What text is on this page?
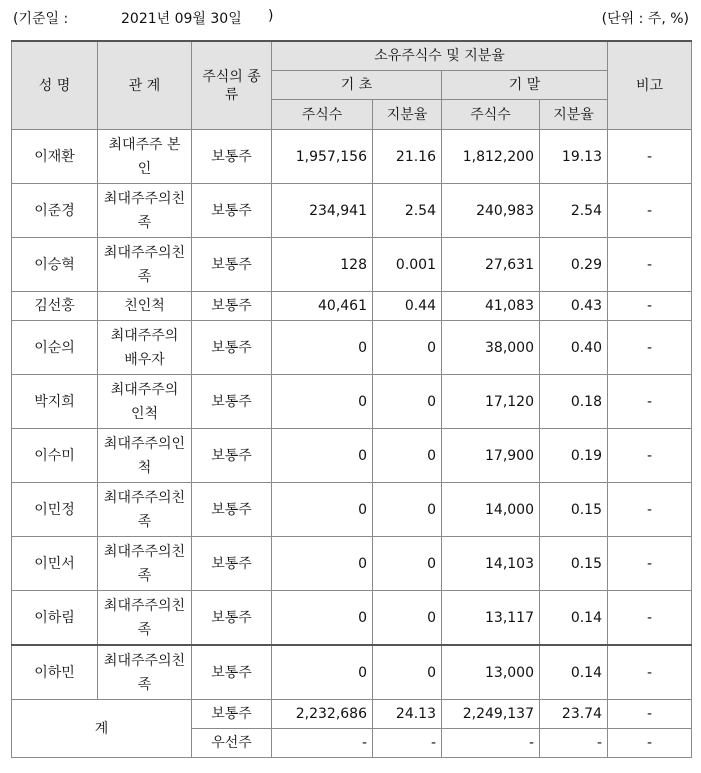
(기준일 :	2021년 09월 30일 )	(단위 : 주, %)
성 명	관 계	주식의 종류	소유주식수 및 지분율				비고
			기 초		기 말		
			주식수	지분율	주식수	지분율	
이재환	최대주주 본인	보통주	1,957,156	21.16	1,812,200	19.13	-
이준경	최대주주의친족	보통주	234,941	2.54	240,983	2.54	-
이승혁	최대주주의친족	보통주	128	0.001	27,631	0.29	-
김선홍	친인척	보통주	40,461	0.44	41,083	0.43	-
이순의	최대주주의 배우자	보통주	0	0	38,000	0.40	-
박지희	최대주주의 인척	보통주	0	0	17,120	0.18	-
이수미	최대주주의인척	보통주	0	0	17,900	0.19	-
이민정	최대주주의친족	보통주	0	0	14,000	0.15	-
이민서	최대주주의친족	보통주	0	0	14,103	0.15	-
이하림	최대주주의친족	보통주	0	0	13,117	0.14	-
이하민	최대주주의친족	보통주	0	0	13,000	0.14	-
계		보통주	2,232,686	24.13	2,249,137	23.74	-
		우선주	-	-	-	-	-
